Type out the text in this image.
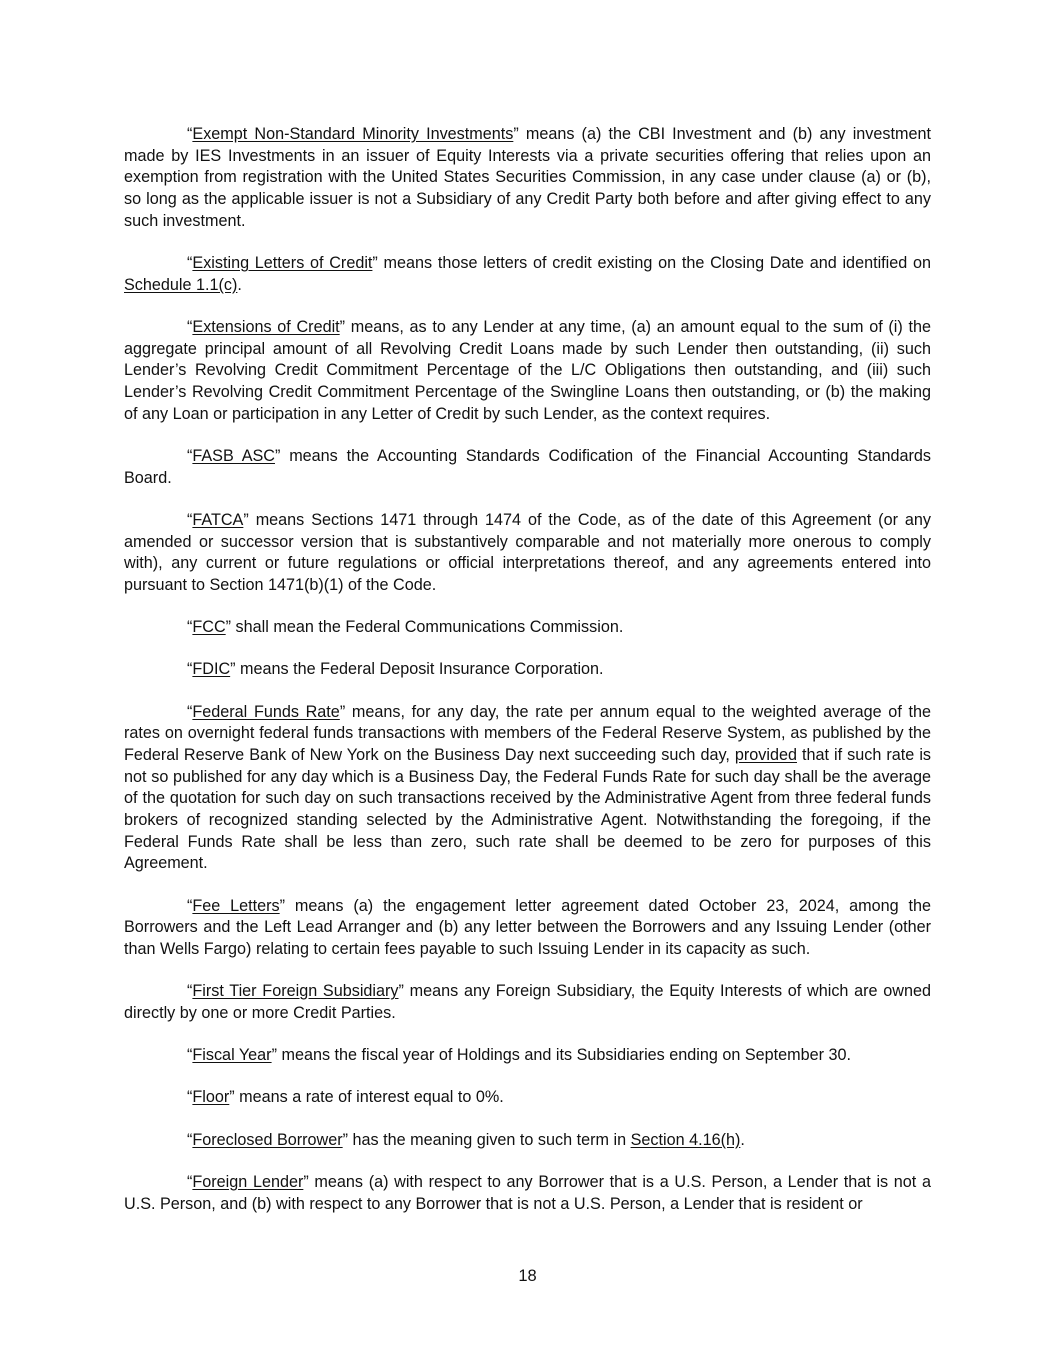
“Exempt Non-Standard Minority Investments” means (a) the CBI Investment and (b) any investment made by IES Investments in an issuer of Equity Interests via a private securities offering that relies upon an exemption from registration with the United States Securities Commission, in any case under clause (a) or (b), so long as the applicable issuer is not a Subsidiary of any Credit Party both before and after giving effect to any such investment.

“Existing Letters of Credit” means those letters of credit existing on the Closing Date and identified on Schedule 1.1(c).

“Extensions of Credit” means, as to any Lender at any time, (a) an amount equal to the sum of (i) the aggregate principal amount of all Revolving Credit Loans made by such Lender then outstanding, (ii) such Lender’s Revolving Credit Commitment Percentage of the L/C Obligations then outstanding, and (iii) such Lender’s Revolving Credit Commitment Percentage of the Swingline Loans then outstanding, or (b) the making of any Loan or participation in any Letter of Credit by such Lender, as the context requires.

“FASB ASC” means the Accounting Standards Codification of the Financial Accounting Standards Board.

“FATCA” means Sections 1471 through 1474 of the Code, as of the date of this Agreement (or any amended or successor version that is substantively comparable and not materially more onerous to comply with), any current or future regulations or official interpretations thereof, and any agreements entered into pursuant to Section 1471(b)(1) of the Code.

“FCC” shall mean the Federal Communications Commission.

“FDIC” means the Federal Deposit Insurance Corporation.

“Federal Funds Rate” means, for any day, the rate per annum equal to the weighted average of the rates on overnight federal funds transactions with members of the Federal Reserve System, as published by the Federal Reserve Bank of New York on the Business Day next succeeding such day, provided that if such rate is not so published for any day which is a Business Day, the Federal Funds Rate for such day shall be the average of the quotation for such day on such transactions received by the Administrative Agent from three federal funds brokers of recognized standing selected by the Administrative Agent. Notwithstanding the foregoing, if the Federal Funds Rate shall be less than zero, such rate shall be deemed to be zero for purposes of this Agreement.

“Fee Letters” means (a) the engagement letter agreement dated October 23, 2024, among the Borrowers and the Left Lead Arranger and (b) any letter between the Borrowers and any Issuing Lender (other than Wells Fargo) relating to certain fees payable to such Issuing Lender in its capacity as such.

“First Tier Foreign Subsidiary” means any Foreign Subsidiary, the Equity Interests of which are owned directly by one or more Credit Parties.

“Fiscal Year” means the fiscal year of Holdings and its Subsidiaries ending on September 30.

“Floor” means a rate of interest equal to 0%.

“Foreclosed Borrower” has the meaning given to such term in Section 4.16(h).

“Foreign Lender” means (a) with respect to any Borrower that is a U.S. Person, a Lender that is not a U.S. Person, and (b) with respect to any Borrower that is not a U.S. Person, a Lender that is resident or

18
